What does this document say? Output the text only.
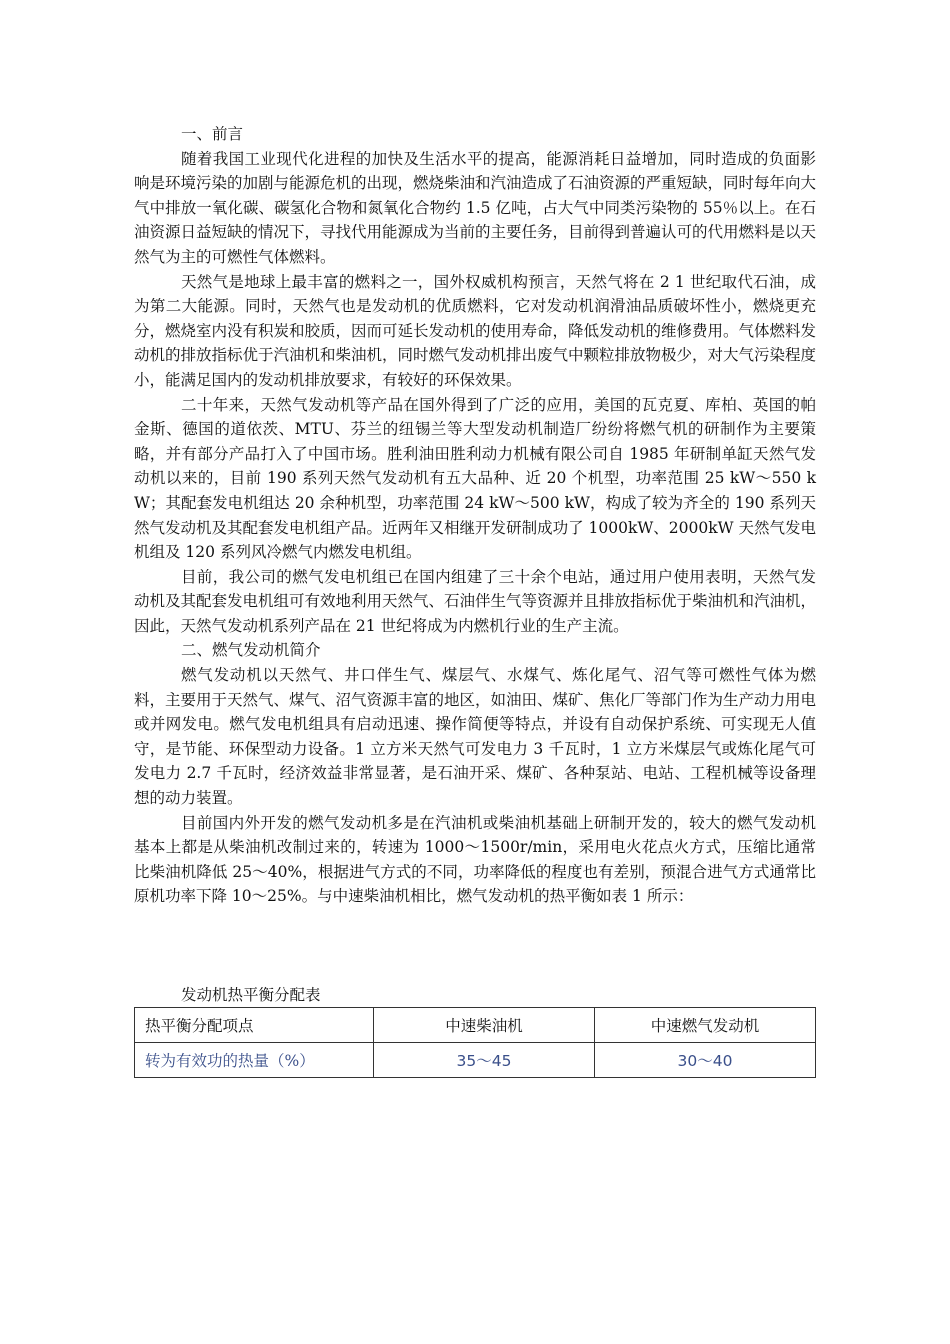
一、前言

随着我国工业现代化进程的加快及生活水平的提高，能源消耗日益增加，同时造成的负面影响是环境污染的加剧与能源危机的出现，燃烧柴油和汽油造成了石油资源的严重短缺，同时每年向大气中排放一氧化碳、碳氢化合物和氮氧化合物约 1.5 亿吨，占大气中同类污染物的 55％以上。在石油资源日益短缺的情况下，寻找代用能源成为当前的主要任务，目前得到普遍认可的代用燃料是以天然气为主的可燃性气体燃料。

天然气是地球上最丰富的燃料之一，国外权威机构预言，天然气将在 2 1 世纪取代石油，成为第二大能源。同时，天然气也是发动机的优质燃料，它对发动机润滑油品质破坏性小，燃烧更充分，燃烧室内没有积炭和胶质，因而可延长发动机的使用寿命，降低发动机的维修费用。气体燃料发动机的排放指标优于汽油机和柴油机，同时燃气发动机排出废气中颗粒排放物极少，对大气污染程度小，能满足国内的发动机排放要求，有较好的环保效果。

二十年来，天然气发动机等产品在国外得到了广泛的应用，美国的瓦克夏、库柏、英国的帕金斯、德国的道依茨、MTU、芬兰的纽锡兰等大型发动机制造厂纷纷将燃气机的研制作为主要策略，并有部分产品打入了中国市场。胜利油田胜利动力机械有限公司自 1985 年研制单缸天然气发动机以来的，目前 190 系列天然气发动机有五大品种、近 20 个机型，功率范围 25 kW～550 kW；其配套发电机组达 20 余种机型，功率范围 24 kW～500 kW，构成了较为齐全的 190 系列天然气发动机及其配套发电机组产品。近两年又相继开发研制成功了 1000kW、2000kW 天然气发电机组及 120 系列风冷燃气内燃发电机组。

目前，我公司的燃气发电机组已在国内组建了三十余个电站，通过用户使用表明，天然气发动机及其配套发电机组可有效地利用天然气、石油伴生气等资源并且排放指标优于柴油机和汽油机，因此，天然气发动机系列产品在 21 世纪将成为内燃机行业的生产主流。

二、燃气发动机简介

燃气发动机以天然气、井口伴生气、煤层气、水煤气、炼化尾气、沼气等可燃性气体为燃料，主要用于天然气、煤气、沼气资源丰富的地区，如油田、煤矿、焦化厂等部门作为生产动力用电或并网发电。燃气发电机组具有启动迅速、操作简便等特点，并设有自动保护系统、可实现无人值守，是节能、环保型动力设备。1 立方米天然气可发电力 3 千瓦时，1 立方米煤层气或炼化尾气可发电力 2.7 千瓦时，经济效益非常显著，是石油开采、煤矿、各种泵站、电站、工程机械等设备理想的动力装置。

目前国内外开发的燃气发动机多是在汽油机或柴油机基础上研制开发的，较大的燃气发动机基本上都是从柴油机改制过来的，转速为 1000～1500r/min，采用电火花点火方式，压缩比通常比柴油机降低 25～40%，根据进气方式的不同，功率降低的程度也有差别，预混合进气方式通常比原机功率下降 10～25%。与中速柴油机相比，燃气发动机的热平衡如表 1 所示：

发动机热平衡分配表

热平衡分配项点	中速柴油机	中速燃气发动机
转为有效功的热量（%）	35～45	30～40
